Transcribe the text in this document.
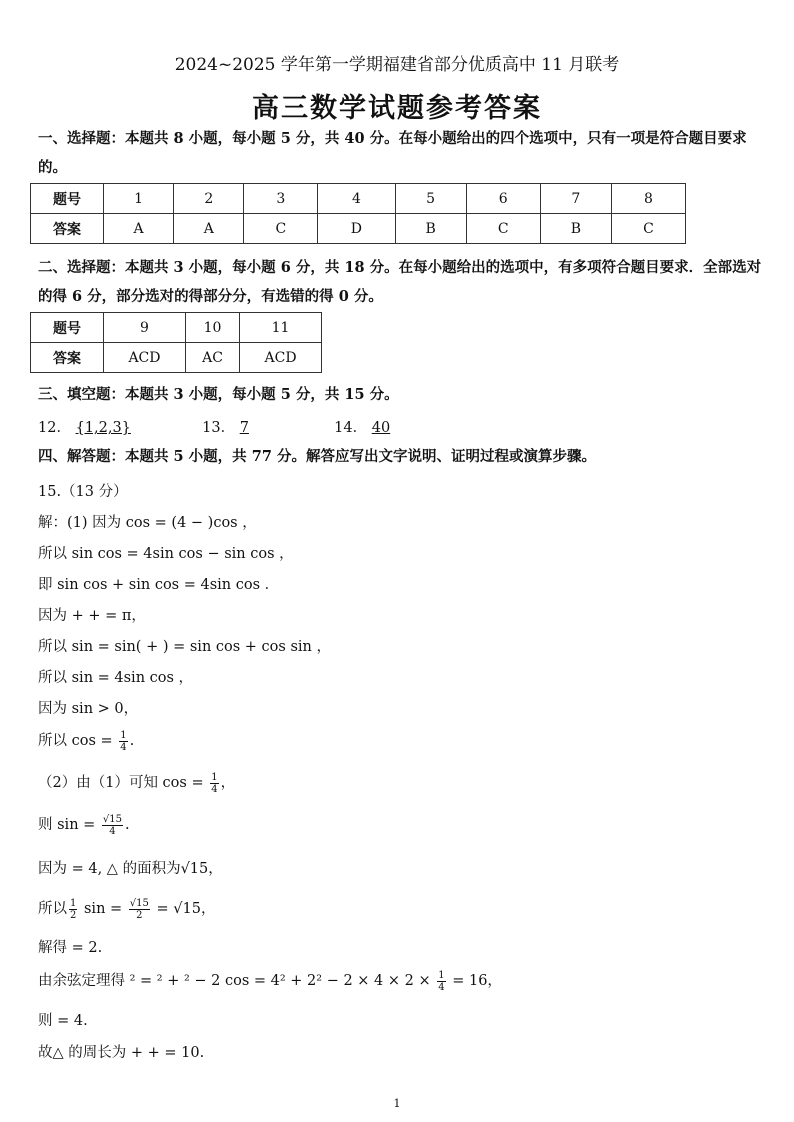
2024~2025 学年第一学期福建省部分优质高中 11 月联考
高三数学试题参考答案
一、选择题：本题共 8 小题，每小题 5 分，共 40 分。在每小题给出的四个选项中，只有一项是符合题目要求的。
题号	1	2	3	4	5	6	7	8
答案	A	A	C	D	B	C	B	C
二、选择题：本题共 3 小题，每小题 6 分，共 18 分。在每小题给出的选项中，有多项符合题目要求．全部选对的得 6 分，部分选对的得部分分，有选错的得 0 分。
题号	9	10	11
答案	ACD	AC	ACD
三、填空题：本题共 3 小题，每小题 5 分，共 15 分。
12． {1,2,3}	13． 7	14． 40
四、解答题：本题共 5 小题，共 77 分。解答应写出文字说明、证明过程或演算步骤。
15.（13 分）
解：(1) 因为 cos = (4 − )cos ，
所以 sin cos = 4sin cos − sin cos ，
即 sin cos + sin cos = 4sin cos ．
因为 + + = π，
所以 sin = sin( + ) = sin cos + cos sin ，
所以 sin = 4sin cos ，
因为 sin > 0，
所以 $\cos = \frac{1}{4}$ .
（2）由（1）可知 $\cos = \frac{1}{4}$ ，
则 $\sin = \frac{√15}{4}$ .
因为 = 4, △ 的面积为√15，
所以 $\frac{1}{2}$ $\sin = \frac{√15}{2} = √15$，
解得 = 2.
由余弦定理得 ² = ² + ² − 2 $\cos = 4^2 + 2^2 - 2 \times 4 \times 2 \times \frac{1}{4} = 16$，
则 = 4.
故△ 的周长为 + + = 10.
1
